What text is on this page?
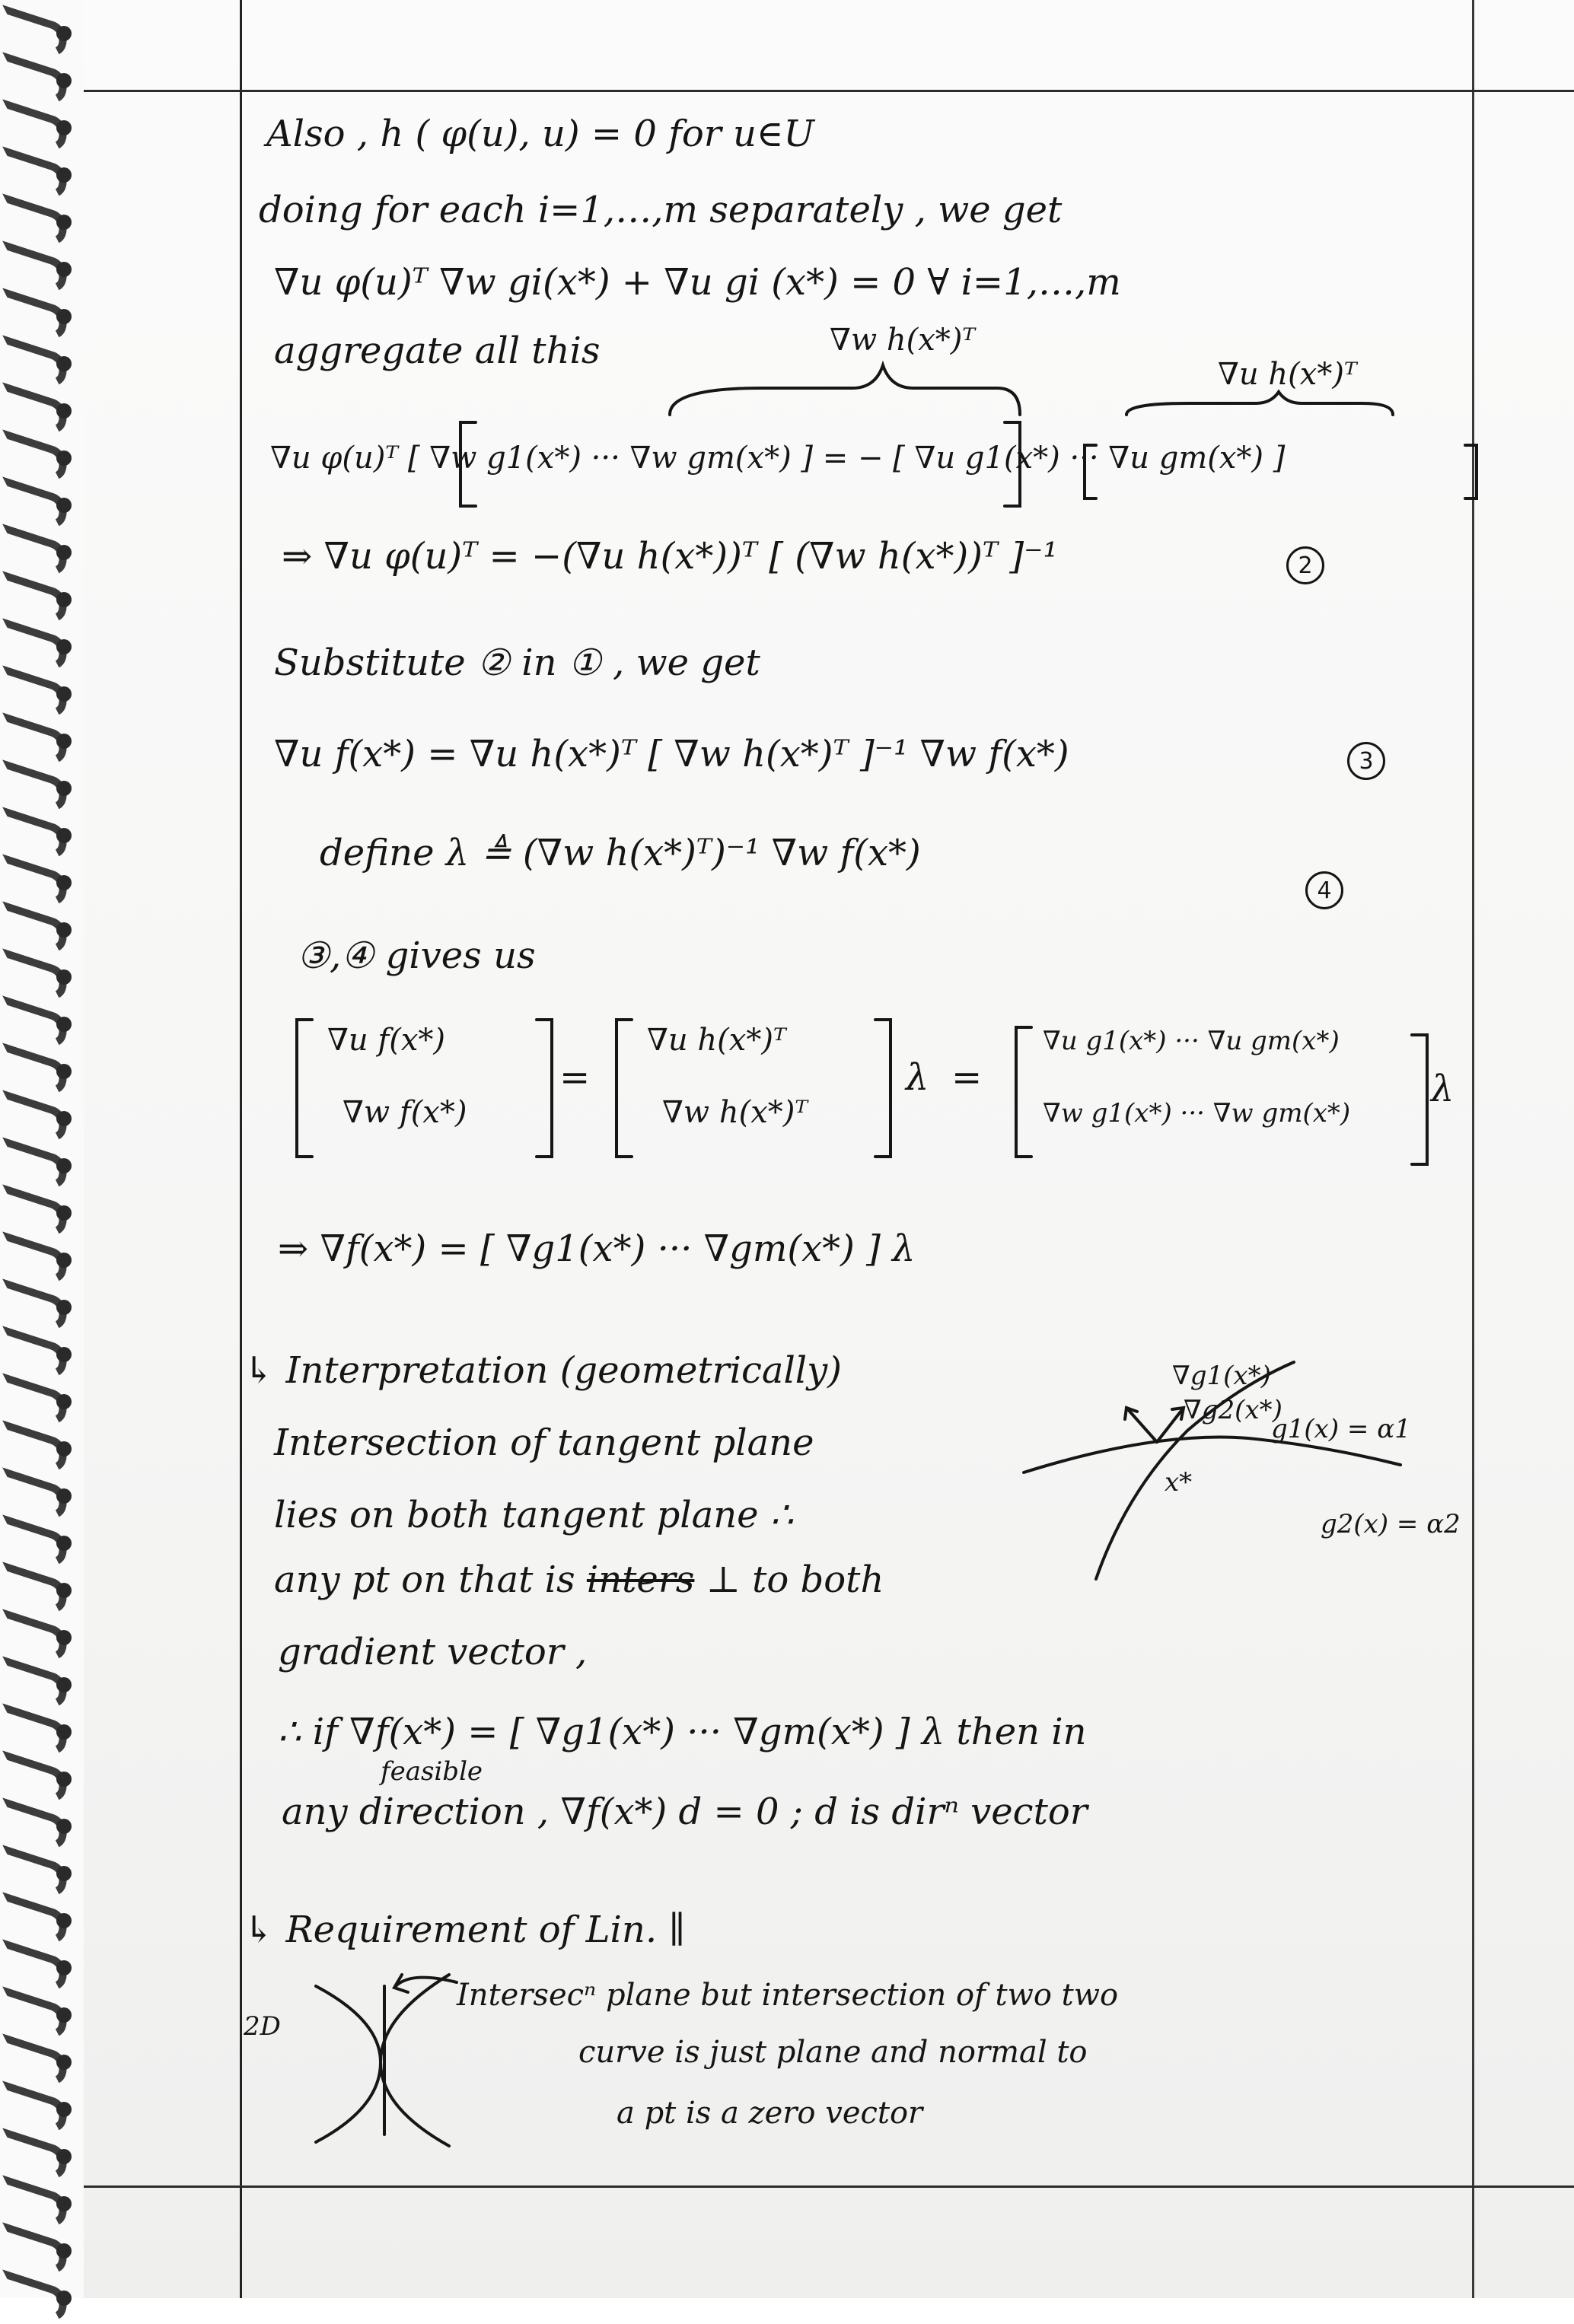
Also , h ( φ(u), u) = 0 for u∈U
doing for each i=1,…,m separately , we get
∇u φ(u)ᵀ ∇w gi(x*) + ∇u gi (x*) = 0 ∀ i=1,…,m
aggregate all this	∇w h(x*)ᵀ
∇u h(x*)ᵀ
∇u φ(u)ᵀ [ ∇w g1(x*) ··· ∇w gm(x*) ] = − [ ∇u g1(x*) ··· ∇u gm(x*) ]
⇒ ∇u φ(u)ᵀ = −(∇u h(x*))ᵀ [ (∇w h(x*))ᵀ ]⁻¹	2
Substitute ② in ① , we get
∇u f(x*) = ∇u h(x*)ᵀ [ ∇w h(x*)ᵀ ]⁻¹ ∇w f(x*)	3
define λ ≜ (∇w h(x*)ᵀ)⁻¹ ∇w f(x*)
4
③,④ gives us
∇u f(x*)
∇w f(x*)
=
∇u h(x*)ᵀ
∇w h(x*)ᵀ
λ =
∇u g1(x*) ··· ∇u gm(x*)
∇w g1(x*) ··· ∇w gm(x*)
λ
⇒ ∇f(x*) = [ ∇g1(x*) ··· ∇gm(x*) ] λ
↳ Interpretation (geometrically)
Intersection of tangent plane
lies on both tangent plane ∴
any pt on that is inters ⊥ to both
gradient vector ,
∴ if ∇f(x*) = [ ∇g1(x*) ··· ∇gm(x*) ] λ then in
feasible
any direction , ∇f(x*) d = 0 ; d is dirⁿ vector
∇g1(x*)
∇g2(x*)
g1(x) = α1
g2(x) = α2
x*
↳ Requirement of Lin. ∥
Intersecⁿ plane but intersection of two two
curve is just plane and normal to
a pt is a zero vector
2D
